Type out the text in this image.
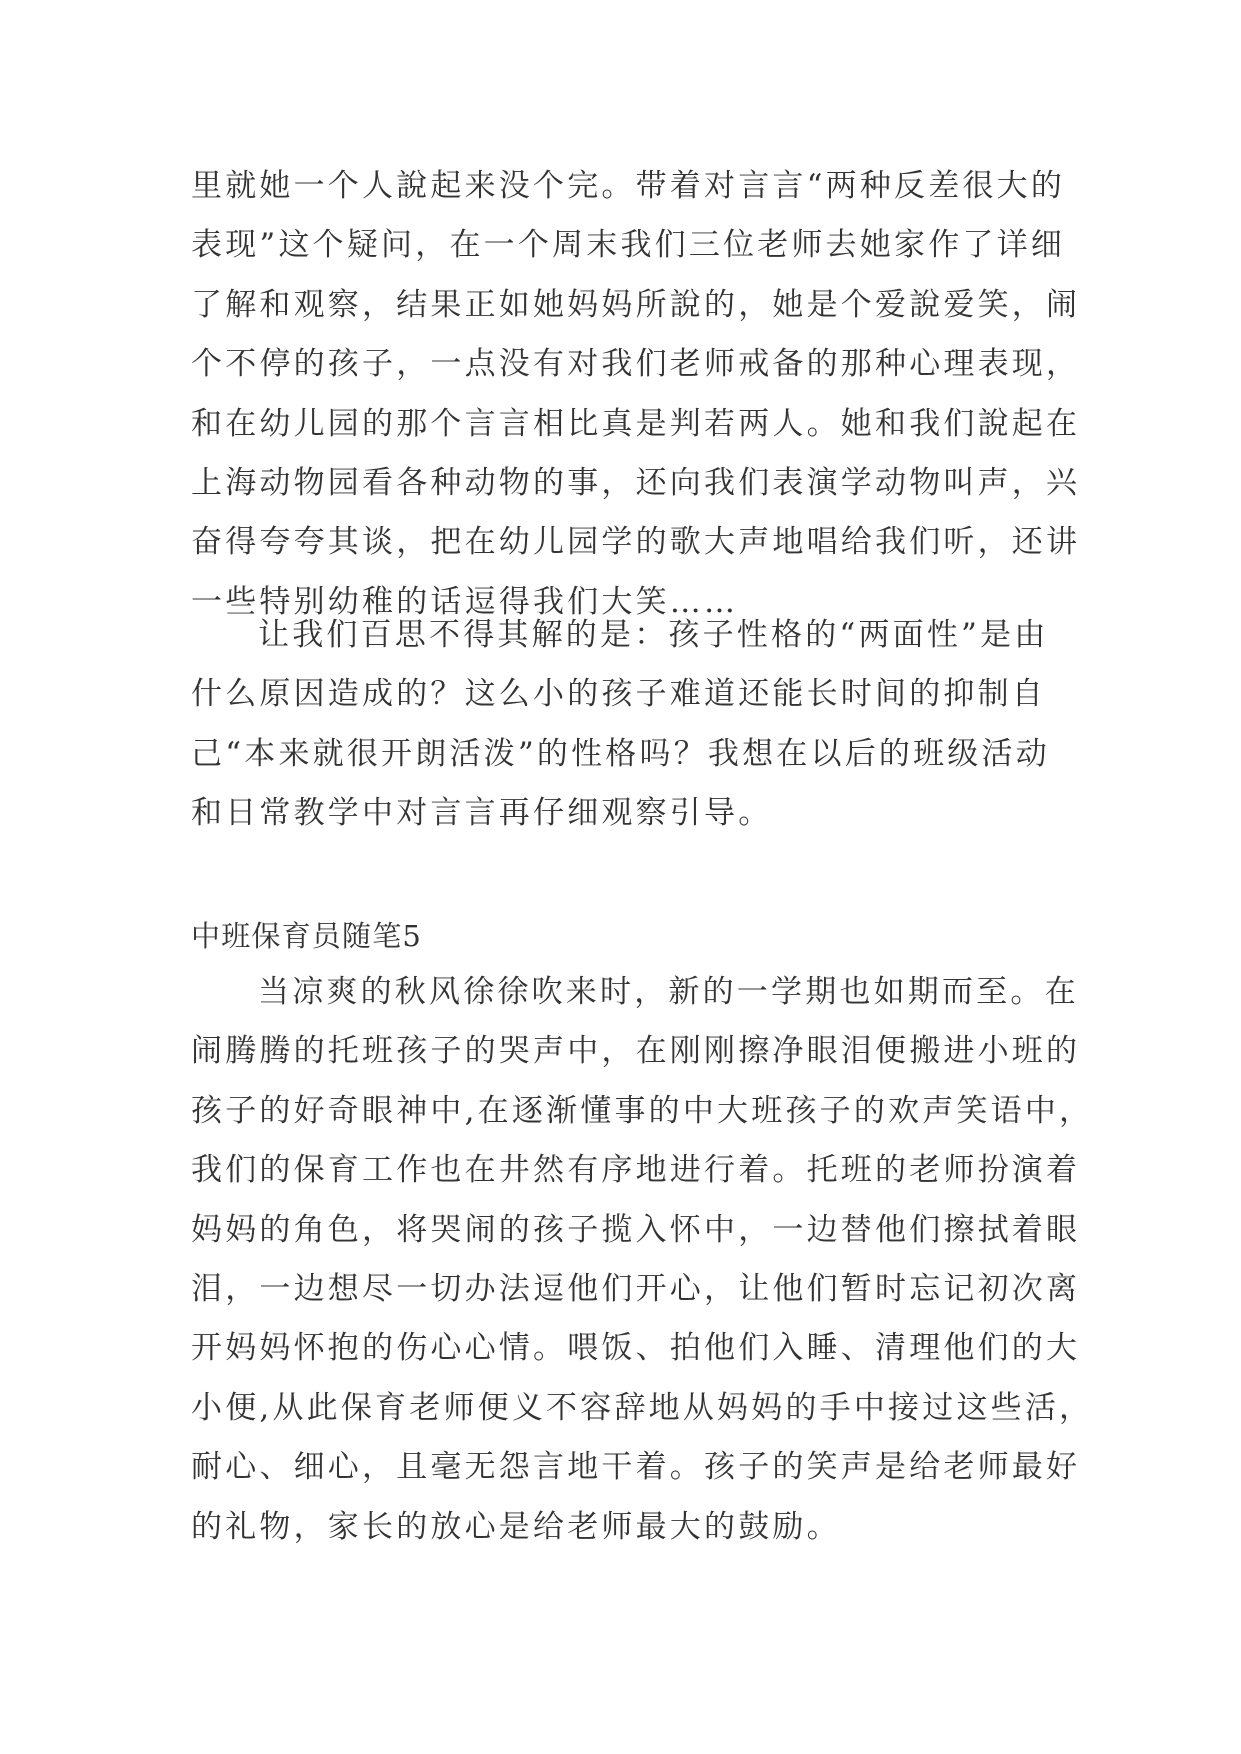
里就她一个人說起来没个完。带着对言言“两种反差很大的
表现”这个疑问，在一个周末我们三位老师去她家作了详细
了解和观察，结果正如她妈妈所說的，她是个爱說爱笑，闹
个不停的孩子，一点没有对我们老师戒备的那种心理表现，
和在幼儿园的那个言言相比真是判若两人。她和我们說起在
上海动物园看各种动物的事，还向我们表演学动物叫声，兴
奋得夸夸其谈，把在幼儿园学的歌大声地唱给我们听，还讲
一些特别幼稚的话逗得我们大笑……
让我们百思不得其解的是：孩子性格的“两面性”是由
什么原因造成的？这么小的孩子难道还能长时间的抑制自
己“本来就很开朗活泼”的性格吗？我想在以后的班级活动
和日常教学中对言言再仔细观察引导。
中班保育员随笔5
当凉爽的秋风徐徐吹来时，新的一学期也如期而至。在
闹腾腾的托班孩子的哭声中，在刚刚擦净眼泪便搬进小班的
孩子的好奇眼神中,在逐渐懂事的中大班孩子的欢声笑语中，
我们的保育工作也在井然有序地进行着。托班的老师扮演着
妈妈的角色，将哭闹的孩子揽入怀中，一边替他们擦拭着眼
泪，一边想尽一切办法逗他们开心，让他们暂时忘记初次离
开妈妈怀抱的伤心心情。喂饭、拍他们入睡、清理他们的大
小便,从此保育老师便义不容辞地从妈妈的手中接过这些活，
耐心、细心，且毫无怨言地干着。孩子的笑声是给老师最好
的礼物，家长的放心是给老师最大的鼓励。
